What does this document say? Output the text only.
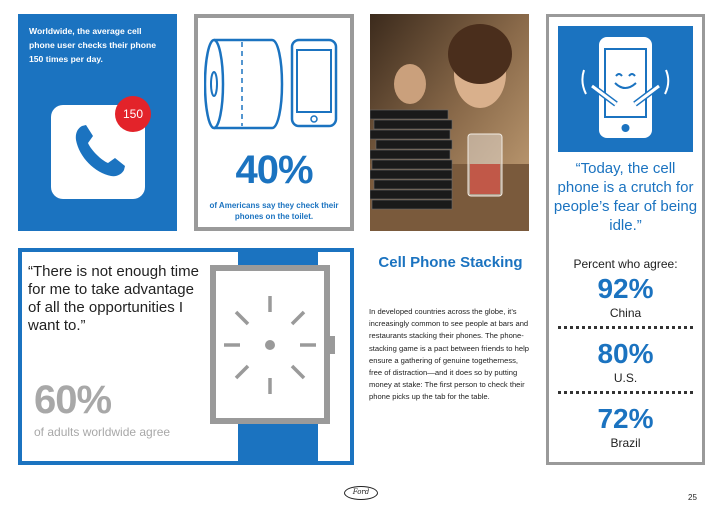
Worldwide, the average cell phone user checks their phone 150 times per day.
150
40%
of Americans say they check their phones on the toilet.
“Today, the cell phone is a crutch for people’s fear of being idle.”
Percent who agree:
92%
China
80%
U.S.
72%
Brazil
“There is not enough time for me to take advantage of all the opportunities I want to.”
60%
of adults worldwide agree
Cell Phone Stacking
In developed countries across the globe, it’s increasingly common to see people at bars and restaurants stacking their phones. The phone-stacking game is a pact between friends to help ensure a gathering of genuine togetherness, free of distraction—and it does so by putting money at stake: The first person to check their phone picks up the tab for the table.
Ford
25
